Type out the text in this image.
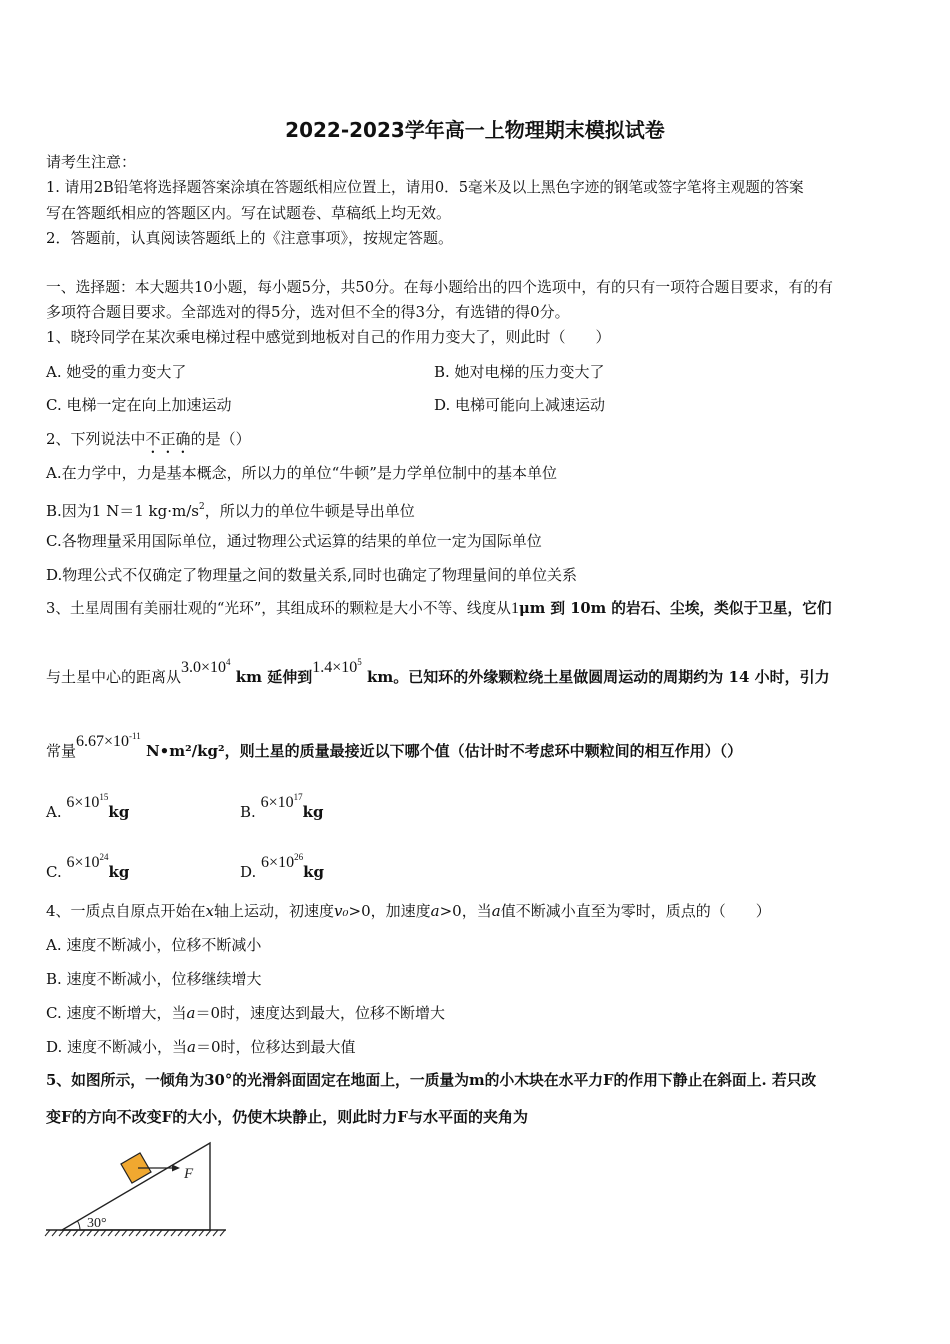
2022-2023学年高一上物理期末模拟试卷
请考生注意：
1. 请用2B铅笔将选择题答案涂填在答题纸相应位置上，请用0．5毫米及以上黑色字迹的钢笔或签字笔将主观题的答案
写在答题纸相应的答题区内。写在试题卷、草稿纸上均无效。
2．答题前，认真阅读答题纸上的《注意事项》，按规定答题。
一、选择题：本大题共10小题，每小题5分，共50分。在每小题给出的四个选项中，有的只有一项符合题目要求，有的有
多项符合题目要求。全部选对的得5分，选对但不全的得3分，有选错的得0分。
1、晓玲同学在某次乘电梯过程中感觉到地板对自己的作用力变大了，则此时（　　）
A. 她受的重力变大了	B. 她对电梯的压力变大了
C. 电梯一定在向上加速运动	D. 电梯可能向上减速运动
2、下列说法中不正确的是（）
A.在力学中，力是基本概念，所以力的单位“牛顿”是力学单位制中的基本单位
B.因为1 N＝1 $kg\cdot m/s^2$，所以力的单位牛顿是导出单位
C.各物理量采用国际单位，通过物理公式运算的结果的单位一定为国际单位
D.物理公式不仅确定了物理量之间的数量关系,同时也确定了物理量间的单位关系
3、土星周围有美丽壮观的“光环”，其组成环的颗粒是大小不等、线度从1μm 到 10m 的岩石、尘埃，类似于卫星，它们
与土星中心的距离从$3.0\times 10^4$ km 延伸到$1.4\times 10^5$ km。已知环的外缘颗粒绕土星做圆周运动的周期约为 14 小时，引力
常量$6.67\times 10^{-11}$ N•m²/kg²，则土星的质量最接近以下哪个值（估计时不考虑环中颗粒间的相互作用）（）
A. $6\times 10^{15}kg$	B. $6\times 10^{17}kg$
C. $6\times 10^{24}kg$	D. $6\times 10^{26}kg$
4、一质点自原点开始在x轴上运动，初速度v₀>0，加速度a>0，当a值不断减小直至为零时，质点的（　　）
A. 速度不断减小，位移不断减小
B. 速度不断减小，位移继续增大
C. 速度不断增大，当a＝0时，速度达到最大，位移不断增大
D. 速度不断减小，当a＝0时，位移达到最大值
5、如图所示，一倾角为30°的光滑斜面固定在地面上，一质量为m的小木块在水平力F的作用下静止在斜面上. 若只改
变F的方向不改变F的大小，仍使木块静止，则此时力F与水平面的夹角为
30°
F
